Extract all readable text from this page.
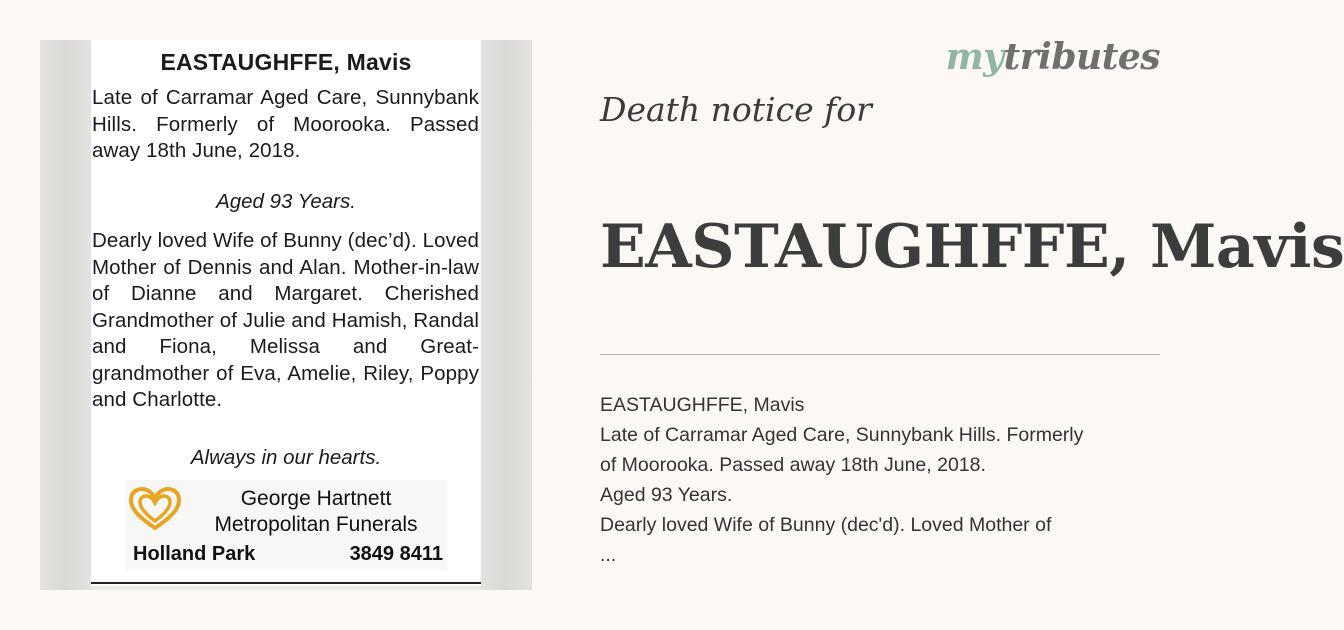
EASTAUGHFFE, Mavis
Late of Carramar Aged Care, Sunnybank Hills. Formerly of Moorooka. Passed away 18th June, 2018.
Aged 93 Years.
Dearly loved Wife of Bunny (dec’d). Loved Mother of Dennis and Alan. Mother-in-law of Dianne and Margaret. Cherished Grandmother of Julie and Hamish, Randal and Fiona, Melissa and Great-grandmother of Eva, Amelie, Riley, Poppy and Charlotte.
Always in our hearts.
George Hartnett
Metropolitan Funerals
Holland Park	3849 8411
mytributes
Death notice for
EASTAUGHFFE, Mavis
EASTAUGHFFE, Mavis
Late of Carramar Aged Care, Sunnybank Hills. Formerly
of Moorooka. Passed away 18th June, 2018.
Aged 93 Years.
Dearly loved Wife of Bunny (dec'd). Loved Mother of
...
